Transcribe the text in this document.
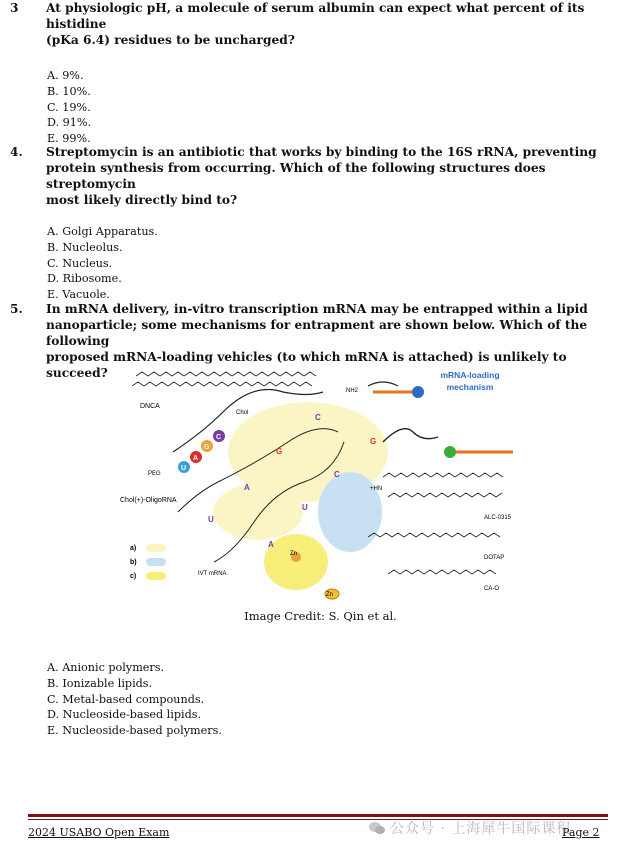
3 At physiologic pH, a molecule of serum albumin can expect what percent of its histidine
(pKa 6.4) residues to be uncharged?

A. 9%.
B. 10%.
C. 19%.
D. 91%.
E. 99%.

4. Streptomycin is an antibiotic that works by binding to the 16S rRNA, preventing
protein synthesis from occurring. Which of the following structures does streptomycin
most likely directly bind to?

A. Golgi Apparatus.
B. Nucleolus.
C. Nucleus.
D. Ribosome.
E. Vacuole.

5. In mRNA delivery, in-vitro transcription mRNA may be entrapped within a lipid
nanoparticle; some mechanisms for entrapment are shown below. Which of the following
proposed mRNA-loading vehicles (to which mRNA is attached) is unlikely to succeed?

DNCA
NH2
mRNA-loading
mechanism
Chol
PEG
Chol(+)-OligoRNA
IVT mRNA
ALC-0315
DOTAP
CA-O
+HN
Zn
Zn
U
A
G
C
G
C
A
U
U
A
C
G
a)
b)
c)
Image Credit: S. Qin et al.
A. Anionic polymers.
B. Ionizable lipids.
C. Metal-based compounds.
D. Nucleoside-based lipids.
E. Nucleoside-based polymers.
2024 USABO Open Exam	公众号 · 上海犀牛国际课程
Page 2
